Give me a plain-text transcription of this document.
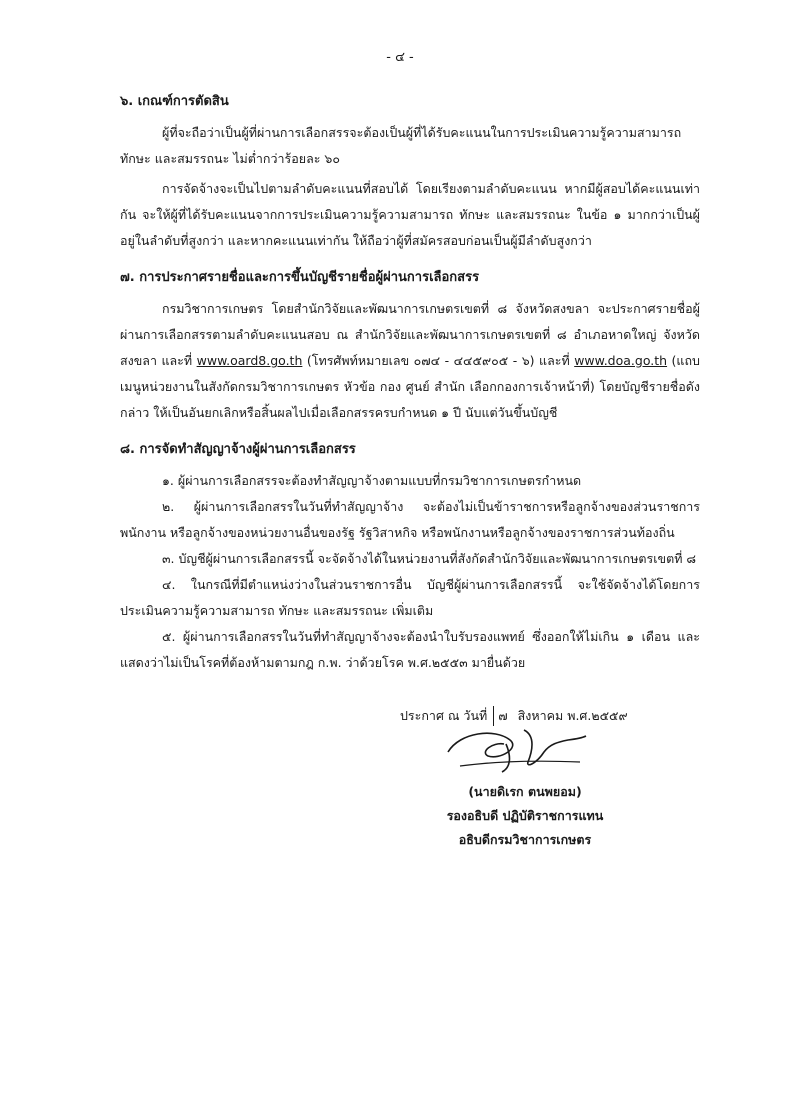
- ๔ -

๖. เกณฑ์การตัดสิน

ผู้ที่จะถือว่าเป็นผู้ที่ผ่านการเลือกสรรจะต้องเป็นผู้ที่ได้รับคะแนนในการประเมินความรู้ความสามารถ ทักษะ และสมรรถนะ ไม่ต่ำกว่าร้อยละ ๖๐

การจัดจ้างจะเป็นไปตามลำดับคะแนนที่สอบได้ โดยเรียงตามลำดับคะแนน หากมีผู้สอบได้คะแนนเท่ากัน จะให้ผู้ที่ได้รับคะแนนจากการประเมินความรู้ความสามารถ ทักษะ และสมรรถนะ ในข้อ ๑ มากกว่าเป็นผู้อยู่ในลำดับที่สูงกว่า และหากคะแนนเท่ากัน ให้ถือว่าผู้ที่สมัครสอบก่อนเป็นผู้มีลำดับสูงกว่า

๗. การประกาศรายชื่อและการขึ้นบัญชีรายชื่อผู้ผ่านการเลือกสรร

กรมวิชาการเกษตร โดยสำนักวิจัยและพัฒนาการเกษตรเขตที่ ๘ จังหวัดสงขลา จะประกาศรายชื่อผู้ผ่านการเลือกสรรตามลำดับคะแนนสอบ ณ สำนักวิจัยและพัฒนาการเกษตรเขตที่ ๘ อำเภอหาดใหญ่ จังหวัดสงขลา และที่ www.oard8.go.th (โทรศัพท์หมายเลข ๐๗๔ - ๔๔๕๙๐๕ - ๖) และที่ www.doa.go.th (แถบเมนูหน่วยงานในสังกัดกรมวิชาการเกษตร หัวข้อ กอง ศูนย์ สำนัก เลือกกองการเจ้าหน้าที่) โดยบัญชีรายชื่อดังกล่าว ให้เป็นอันยกเลิกหรือสิ้นผลไปเมื่อเลือกสรรครบกำหนด ๑ ปี นับแต่วันขึ้นบัญชี

๘. การจัดทำสัญญาจ้างผู้ผ่านการเลือกสรร

๑. ผู้ผ่านการเลือกสรรจะต้องทำสัญญาจ้างตามแบบที่กรมวิชาการเกษตรกำหนด

๒. ผู้ผ่านการเลือกสรรในวันที่ทำสัญญาจ้าง จะต้องไม่เป็นข้าราชการหรือลูกจ้างของส่วนราชการ พนักงาน หรือลูกจ้างของหน่วยงานอื่นของรัฐ รัฐวิสาหกิจ หรือพนักงานหรือลูกจ้างของราชการส่วนท้องถิ่น

๓. บัญชีผู้ผ่านการเลือกสรรนี้ จะจัดจ้างได้ในหน่วยงานที่สังกัดสำนักวิจัยและพัฒนาการเกษตรเขตที่ ๘

๔. ในกรณีที่มีตำแหน่งว่างในส่วนราชการอื่น บัญชีผู้ผ่านการเลือกสรรนี้ จะใช้จัดจ้างได้โดยการประเมินความรู้ความสามารถ ทักษะ และสมรรถนะ เพิ่มเติม

๕. ผู้ผ่านการเลือกสรรในวันที่ทำสัญญาจ้างจะต้องนำใบรับรองแพทย์ ซึ่งออกให้ไม่เกิน ๑ เดือน และแสดงว่าไม่เป็นโรคที่ต้องห้ามตามกฎ ก.พ. ว่าด้วยโรค พ.ศ.๒๕๕๓ มายื่นด้วย

ประกาศ ณ วันที่ ๗ สิงหาคม พ.ศ.๒๕๕๙
(นายดิเรก ตนพยอม)
รองอธิบดี ปฏิบัติราชการแทน
อธิบดีกรมวิชาการเกษตร
